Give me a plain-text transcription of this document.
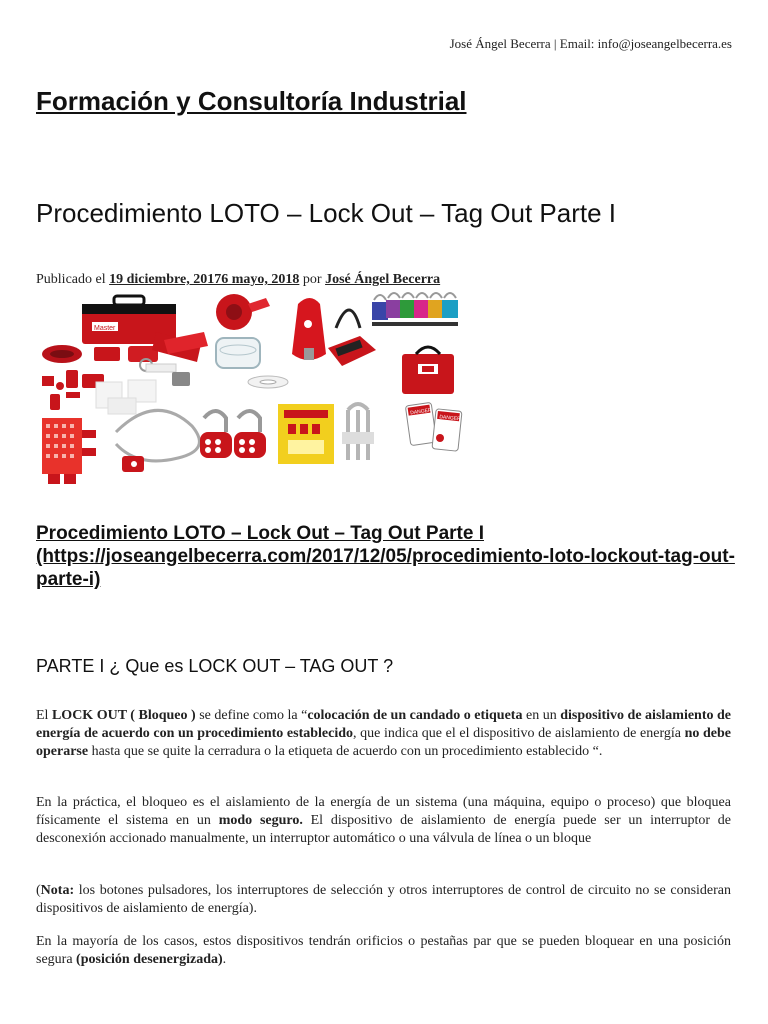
José Ángel Becerra | Email: info@joseangelbecerra.es
Formación y Consultoría Industrial
Procedimiento LOTO – Lock Out – Tag Out Parte I
Publicado el 19 diciembre, 20176 mayo, 2018 por José Ángel Becerra
Master
DANGER
DANGER
Procedimiento LOTO – Lock Out – Tag Out Parte I (https://joseangelbecerra.com/2017/12/05/procedimiento-loto-lockout-tag-out-parte-i)
PARTE I ¿ Que es LOCK OUT – TAG OUT ?

El LOCK OUT ( Bloqueo ) se define como la “colocación de un candado o etiqueta en un dispositivo de aislamiento de energía de acuerdo con un procedimiento establecido, que indica que el el dispositivo de aislamiento de energía no debe operarse hasta que se quite la cerradura o la etiqueta de acuerdo con un procedimiento establecido “.

En la práctica, el bloqueo es el aislamiento de la energía de un sistema (una máquina, equipo o proceso) que bloquea físicamente el sistema en un modo seguro. El dispositivo de aislamiento de energía puede ser un interruptor de desconexión accionado manualmente, un interruptor automático o una válvula de línea o un bloque

(Nota: los botones pulsadores, los interruptores de selección y otros interruptores de control de circuito no se consideran dispositivos de aislamiento de energía).

En la mayoría de los casos, estos dispositivos tendrán orificios o pestañas par que se pueden bloquear en una posición segura (posición desenergizada).
